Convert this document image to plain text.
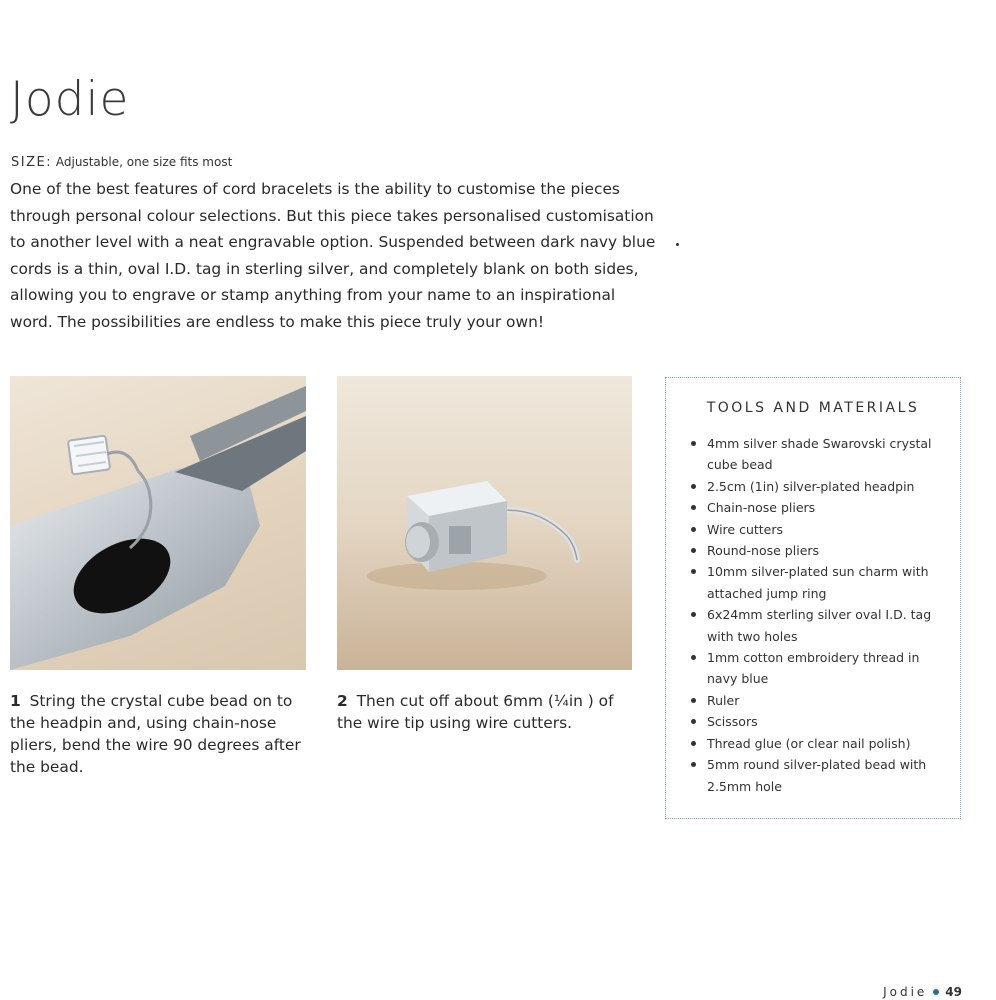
Jodie
SIZE: Adjustable, one size fits most

One of the best features of cord bracelets is the ability to customise the pieces through personal colour selections. But this piece takes personalised customisation to another level with a neat engravable option. Suspended between dark navy blue cords is a thin, oval I.D. tag in sterling silver, and completely blank on both sides, allowing you to engrave or stamp anything from your name to an inspirational word. The possibilities are endless to make this piece truly your own!

1 String the crystal cube bead on to the headpin and, using chain-nose pliers, bend the wire 90 degrees after the bead.

2 Then cut off about 6mm (¼in ) of the wire tip using wire cutters.

TOOLS AND MATERIALS
4mm silver shade Swarovski crystal cube bead
2.5cm (1in) silver-plated headpin
Chain-nose pliers
Wire cutters
Round-nose pliers
10mm silver-plated sun charm with attached jump ring
6x24mm sterling silver oval I.D. tag with two holes
1mm cotton embroidery thread in navy blue
Ruler
Scissors
Thread glue (or clear nail polish)
5mm round silver-plated bead with 2.5mm hole
Jodie 49
